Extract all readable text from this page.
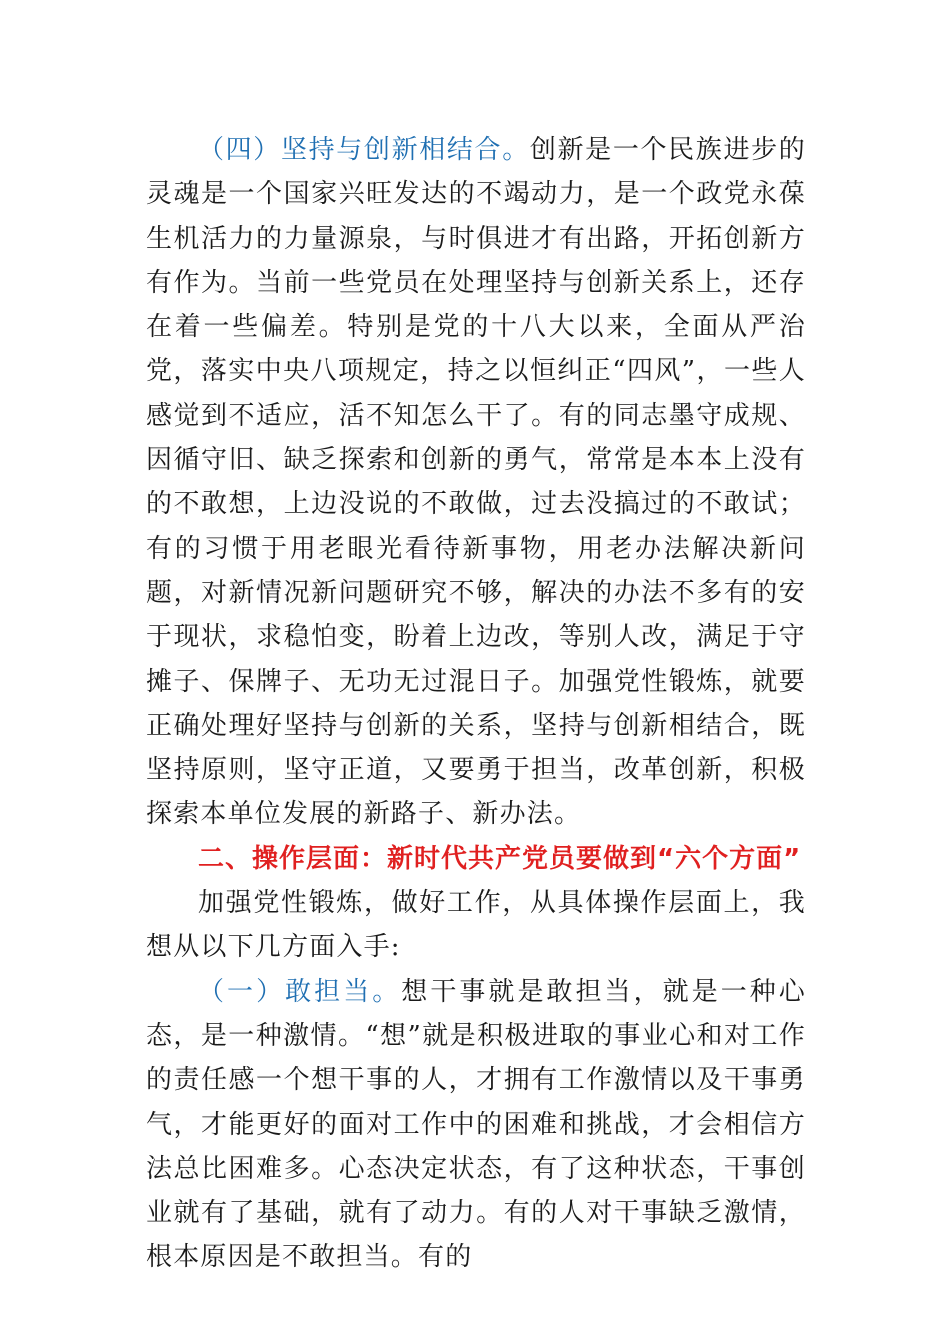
（四）坚持与创新相结合。创新是一个民族进步的灵魂是一个国家兴旺发达的不竭动力，是一个政党永葆生机活力的力量源泉，与时俱进才有出路，开拓创新方有作为。当前一些党员在处理坚持与创新关系上，还存在着一些偏差。特别是党的十八大以来，全面从严治党，落实中央八项规定，持之以恒纠正“四风”，一些人感觉到不适应，活不知怎么干了。有的同志墨守成规、因循守旧、缺乏探索和创新的勇气，常常是本本上没有的不敢想，上边没说的不敢做，过去没搞过的不敢试；有的习惯于用老眼光看待新事物，用老办法解决新问题，对新情况新问题研究不够，解决的办法不多有的安于现状，求稳怕变，盼着上边改，等别人改，满足于守摊子、保牌子、无功无过混日子。加强党性锻炼，就要正确处理好坚持与创新的关系，坚持与创新相结合，既坚持原则，坚守正道，又要勇于担当，改革创新，积极探索本单位发展的新路子、新办法。

二、操作层面：新时代共产党员要做到“六个方面”

加强党性锻炼，做好工作，从具体操作层面上，我想从以下几方面入手:

（一）敢担当。想干事就是敢担当，就是一种心态，是一种激情。“想”就是积极进取的事业心和对工作的责任感一个想干事的人，才拥有工作激情以及干事勇气，才能更好的面对工作中的困难和挑战，才会相信方法总比困难多。心态决定状态，有了这种状态，干事创业就有了基础，就有了动力。有的人对干事缺乏激情，根本原因是不敢担当。有的
